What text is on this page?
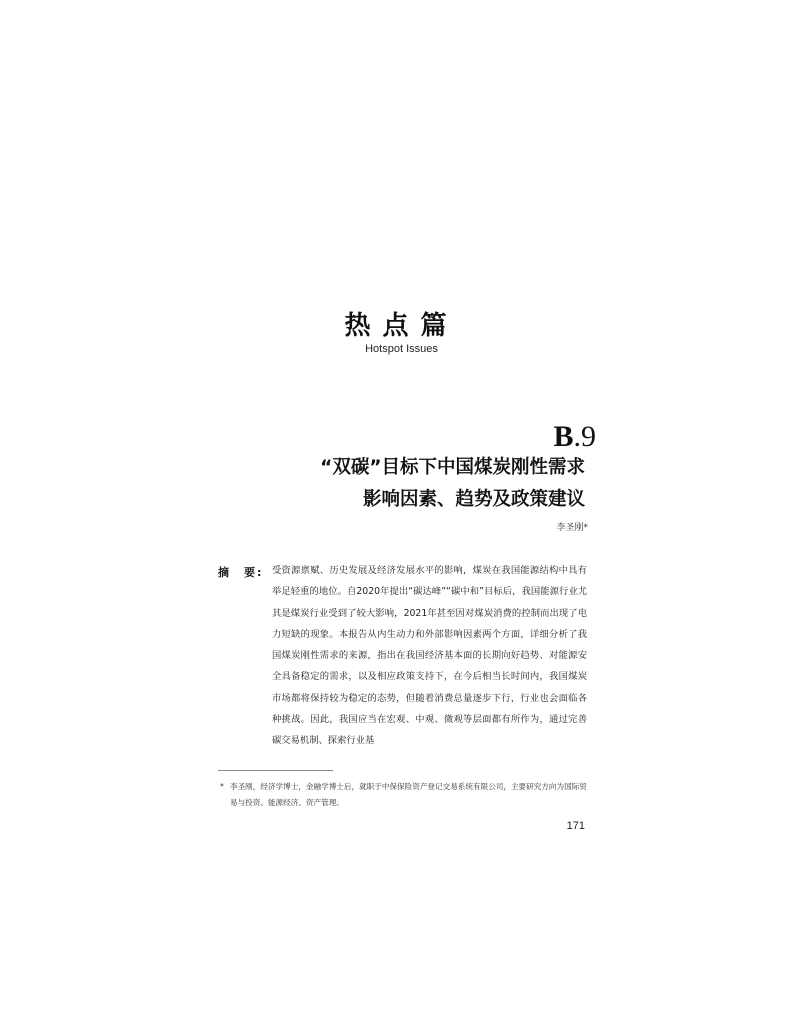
热点篇
Hotspot Issues
B.9
“双碳”目标下中国煤炭刚性需求
影响因素、趋势及政策建议
李圣刚*
摘　要: 受资源禀赋、历史发展及经济发展水平的影响，煤炭在我国能源结构中具有举足轻重的地位。自2020年提出“碳达峰”“碳中和”目标后，我国能源行业尤其是煤炭行业受到了较大影响，2021年甚至因对煤炭消费的控制而出现了电力短缺的现象。本报告从内生动力和外部影响因素两个方面，详细分析了我国煤炭刚性需求的来源，指出在我国经济基本面的长期向好趋势、对能源安全具备稳定的需求，以及相应政策支持下，在今后相当长时间内，我国煤炭市场都将保持较为稳定的态势，但随着消费总量逐步下行，行业也会面临各种挑战。因此，我国应当在宏观、中观、微观等层面都有所作为，通过完善碳交易机制、探索行业基
* 李圣刚，经济学博士，金融学博士后，就职于中保保险资产登记交易系统有限公司，主要研究方向为国际贸易与投资、能源经济、资产管理。
171
